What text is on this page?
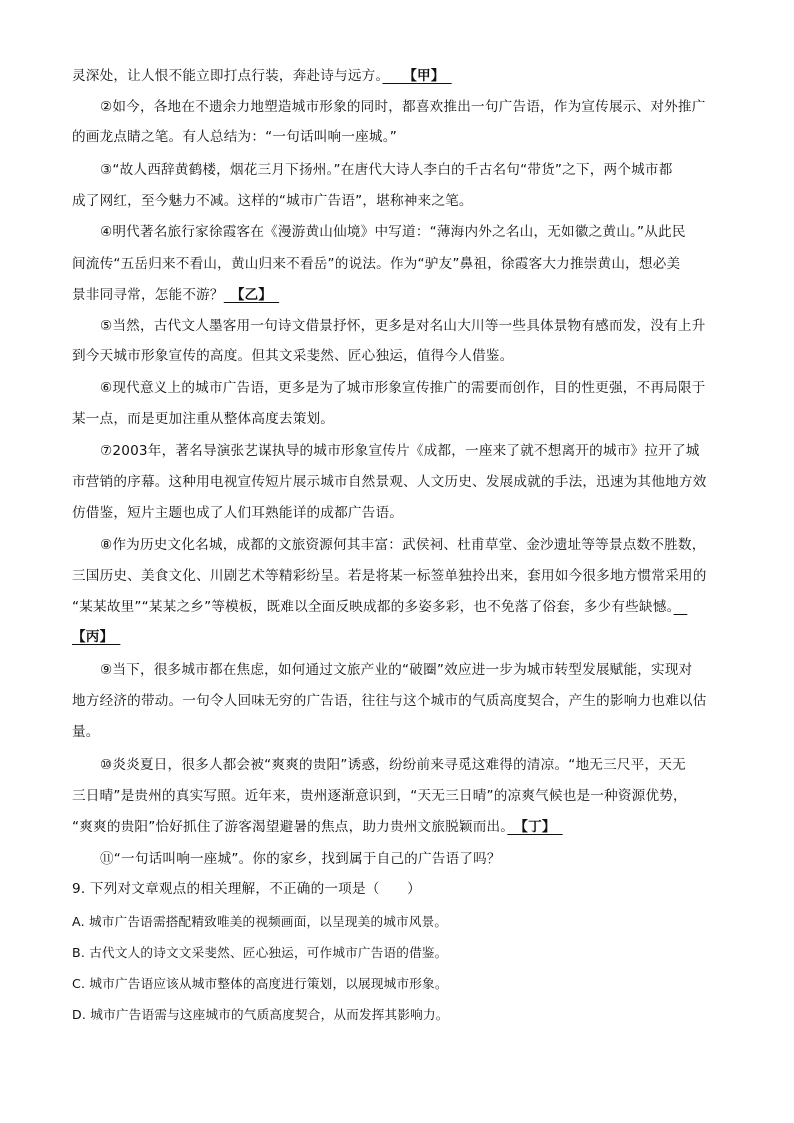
灵深处，让人恨不能立即打点行装，奔赴诗与远方。　　【甲】　
②如今，各地在不遗余力地塑造城市形象的同时，都喜欢推出一句广告语，作为宣传展示、对外推广
的画龙点睛之笔。有人总结为：“一句话叫响一座城。”
③“故人西辞黄鹤楼，烟花三月下扬州。”在唐代大诗人李白的千古名句“带货”之下，两个城市都
成了网红，至今魅力不减。这样的“城市广告语”，堪称神来之笔。
④明代著名旅行家徐霞客在《漫游黄山仙境》中写道：“薄海内外之名山，无如徽之黄山。”从此民
间流传“五岳归来不看山，黄山归来不看岳”的说法。作为“驴友”鼻祖，徐霞客大力推崇黄山，想必美
景非同寻常，怎能不游？　【乙】　
⑤当然，古代文人墨客用一句诗文借景抒怀，更多是对名山大川等一些具体景物有感而发，没有上升
到今天城市形象宣传的高度。但其文采斐然、匠心独运，值得今人借鉴。
⑥现代意义上的城市广告语，更多是为了城市形象宣传推广的需要而创作，目的性更强，不再局限于
某一点，而是更加注重从整体高度去策划。
⑦2003年，著名导演张艺谋执导的城市形象宣传片《成都，一座来了就不想离开的城市》拉开了城
市营销的序幕。这种用电视宣传短片展示城市自然景观、人文历史、发展成就的手法，迅速为其他地方效
仿借鉴，短片主题也成了人们耳熟能详的成都广告语。
⑧作为历史文化名城，成都的文旅资源何其丰富：武侯祠、杜甫草堂、金沙遗址等等景点数不胜数，
三国历史、美食文化、川剧艺术等精彩纷呈。若是将某一标签单独拎出来，套用如今很多地方惯常采用的
“某某故里”“某某之乡”等模板，既难以全面反映成都的多姿多彩，也不免落了俗套，多少有些缺憾。　
【丙】　
⑨当下，很多城市都在焦虑，如何通过文旅产业的“破圈”效应进一步为城市转型发展赋能，实现对
地方经济的带动。一句令人回味无穷的广告语，往往与这个城市的气质高度契合，产生的影响力也难以估
量。
⑩炎炎夏日，很多人都会被“爽爽的贵阳”诱惑，纷纷前来寻觅这难得的清凉。“地无三尺平，天无
三日晴”是贵州的真实写照。近年来，贵州逐渐意识到，“天无三日晴”的凉爽气候也是一种资源优势，
“爽爽的贵阳”恰好抓住了游客渴望避暑的焦点，助力贵州文旅脱颖而出。　【丁】　
⑪“一句话叫响一座城”。你的家乡，找到属于自己的广告语了吗？
9. 下列对文章观点的相关理解，不正确的一项是（　　）
A. 城市广告语需搭配精致唯美的视频画面，以呈现美的城市风景。
B. 古代文人的诗文文采斐然、匠心独运，可作城市广告语的借鉴。
C. 城市广告语应该从城市整体的高度进行策划，以展现城市形象。
D. 城市广告语需与这座城市的气质高度契合，从而发挥其影响力。
